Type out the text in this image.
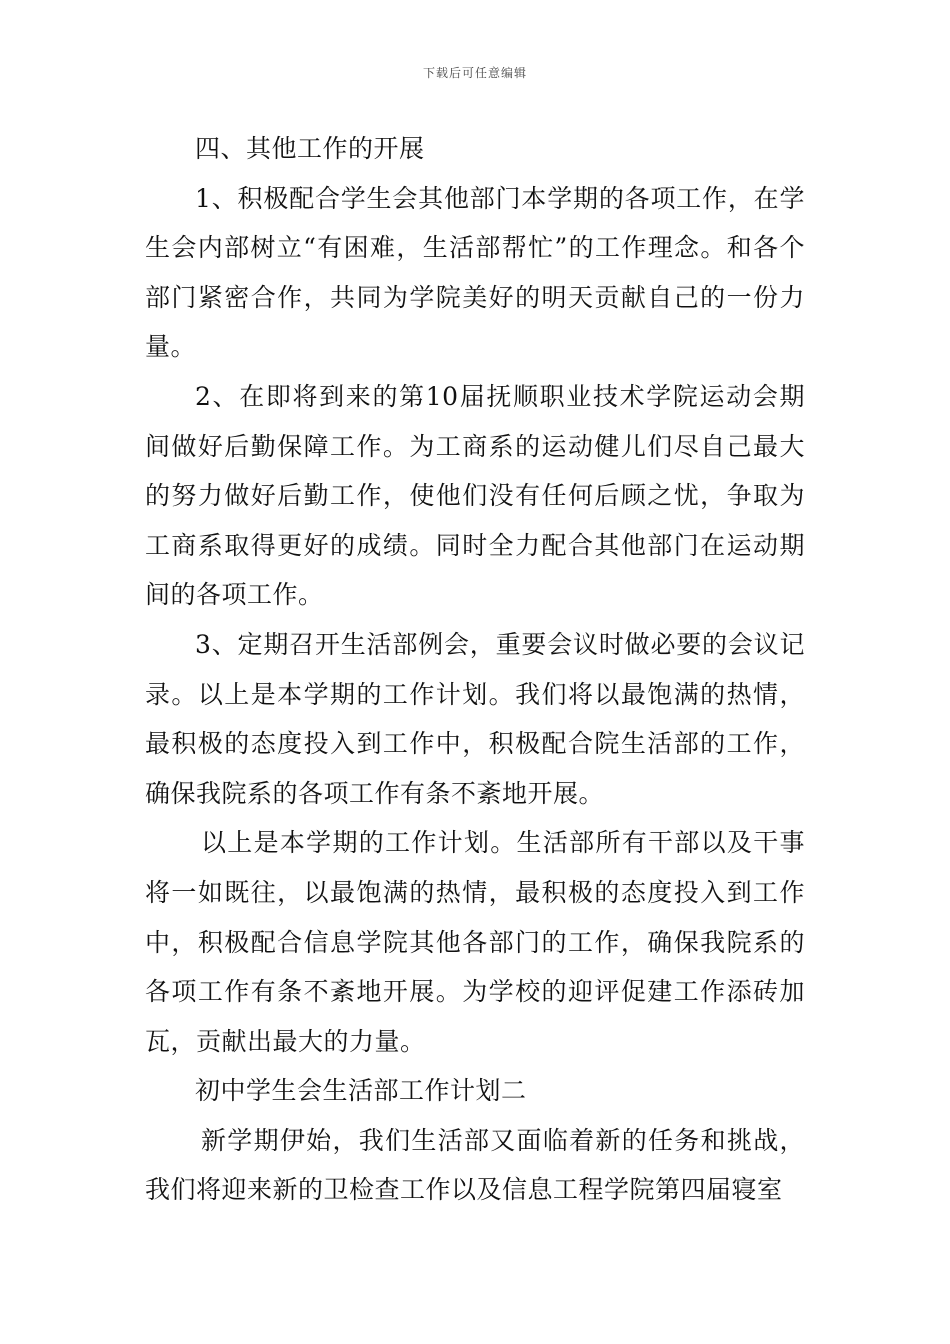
下载后可任意编辑

四、其他工作的开展

1、积极配合学生会其他部门本学期的各项工作，在学生会内部树立“有困难，生活部帮忙”的工作理念。和各个部门紧密合作，共同为学院美好的明天贡献自己的一份力量。

2、在即将到来的第10届抚顺职业技术学院运动会期间做好后勤保障工作。为工商系的运动健儿们尽自己最大的努力做好后勤工作，使他们没有任何后顾之忧，争取为工商系取得更好的成绩。同时全力配合其他部门在运动期间的各项工作。

3、定期召开生活部例会，重要会议时做必要的会议记录。以上是本学期的工作计划。我们将以最饱满的热情，最积极的态度投入到工作中，积极配合院生活部的工作，确保我院系的各项工作有条不紊地开展。

以上是本学期的工作计划。生活部所有干部以及干事将一如既往，以最饱满的热情，最积极的态度投入到工作中，积极配合信息学院其他各部门的工作，确保我院系的各项工作有条不紊地开展。为学校的迎评促建工作添砖加瓦，贡献出最大的力量。

初中学生会生活部工作计划二

新学期伊始，我们生活部又面临着新的任务和挑战，我们将迎来新的卫检查工作以及信息工程学院第四届寝室
